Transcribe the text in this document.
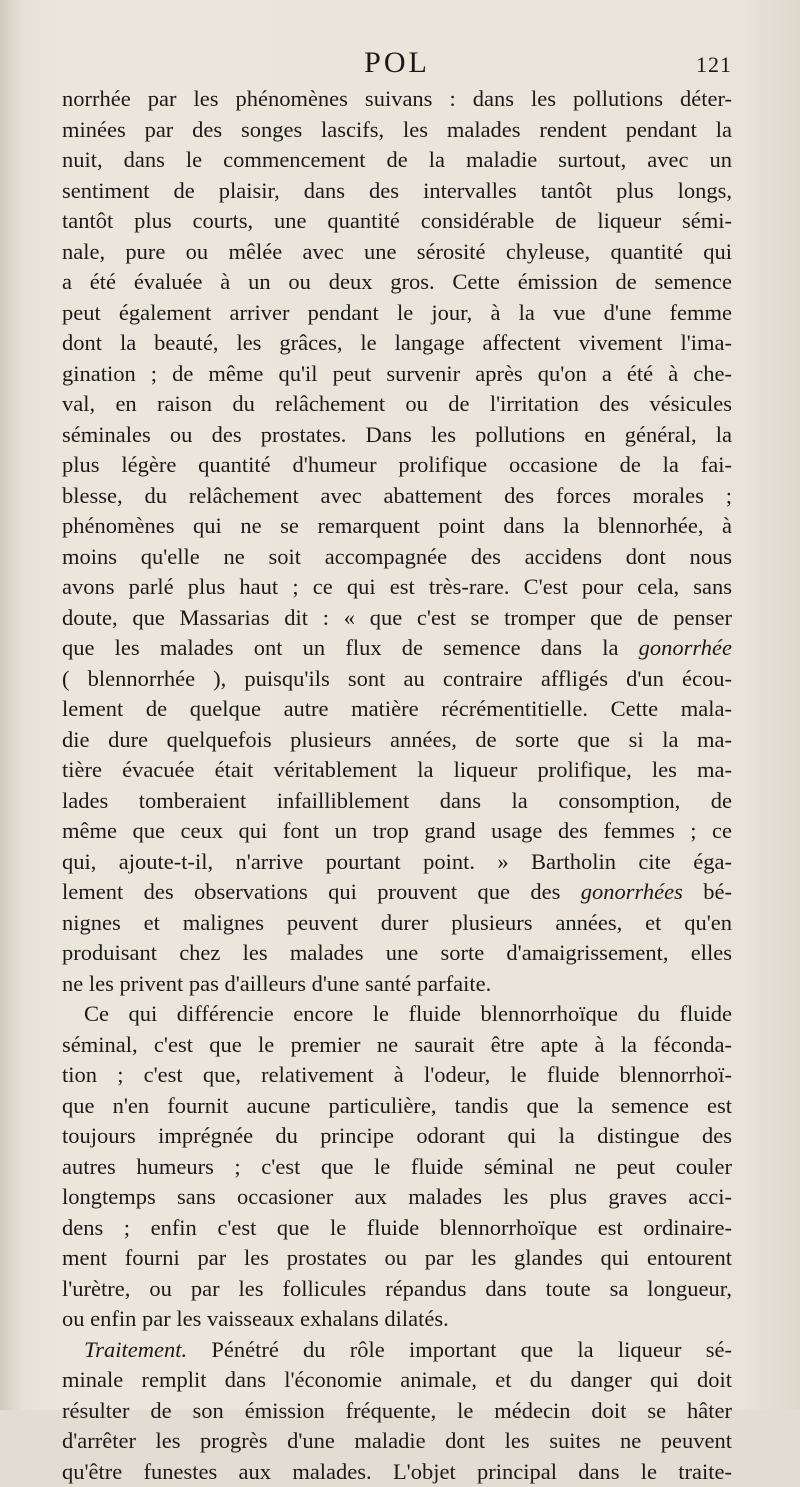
POL	121
norrhée par les phénomènes suivans : dans les pollutions déter-
minées par des songes lascifs, les malades rendent pendant la
nuit, dans le commencement de la maladie surtout, avec un
sentiment de plaisir, dans des intervalles tantôt plus longs,
tantôt plus courts, une quantité considérable de liqueur sémi-
nale, pure ou mêlée avec une sérosité chyleuse, quantité qui
a été évaluée à un ou deux gros. Cette émission de semence
peut également arriver pendant le jour, à la vue d'une femme
dont la beauté, les grâces, le langage affectent vivement l'ima-
gination ; de même qu'il peut survenir après qu'on a été à che-
val, en raison du relâchement ou de l'irritation des vésicules
séminales ou des prostates. Dans les pollutions en général, la
plus légère quantité d'humeur prolifique occasione de la fai-
blesse, du relâchement avec abattement des forces morales ;
phénomènes qui ne se remarquent point dans la blennorhée, à
moins qu'elle ne soit accompagnée des accidens dont nous
avons parlé plus haut ; ce qui est très-rare. C'est pour cela, sans
doute, que Massarias dit : « que c'est se tromper que de penser
que les malades ont un flux de semence dans la gonorrhée
( blennorrhée ), puisqu'ils sont au contraire affligés d'un écou-
lement de quelque autre matière récrémentitielle. Cette mala-
die dure quelquefois plusieurs années, de sorte que si la ma-
tière évacuée était véritablement la liqueur prolifique, les ma-
lades tomberaient infailliblement dans la consomption, de
même que ceux qui font un trop grand usage des femmes ; ce
qui, ajoute-t-il, n'arrive pourtant point. » Bartholin cite éga-
lement des observations qui prouvent que des gonorrhées bé-
nignes et malignes peuvent durer plusieurs années, et qu'en
produisant chez les malades une sorte d'amaigrissement, elles
ne les privent pas d'ailleurs d'une santé parfaite.
Ce qui différencie encore le fluide blennorrhoïque du fluide
séminal, c'est que le premier ne saurait être apte à la féconda-
tion ; c'est que, relativement à l'odeur, le fluide blennorrhoï-
que n'en fournit aucune particulière, tandis que la semence est
toujours imprégnée du principe odorant qui la distingue des
autres humeurs ; c'est que le fluide séminal ne peut couler
longtemps sans occasioner aux malades les plus graves acci-
dens ; enfin c'est que le fluide blennorrhoïque est ordinaire-
ment fourni par les prostates ou par les glandes qui entourent
l'urètre, ou par les follicules répandus dans toute sa longueur,
ou enfin par les vaisseaux exhalans dilatés.
Traitement. Pénétré du rôle important que la liqueur sé-
minale remplit dans l'économie animale, et du danger qui doit
résulter de son émission fréquente, le médecin doit se hâter
d'arrêter les progrès d'une maladie dont les suites ne peuvent
qu'être funestes aux malades. L'objet principal dans le traite-
